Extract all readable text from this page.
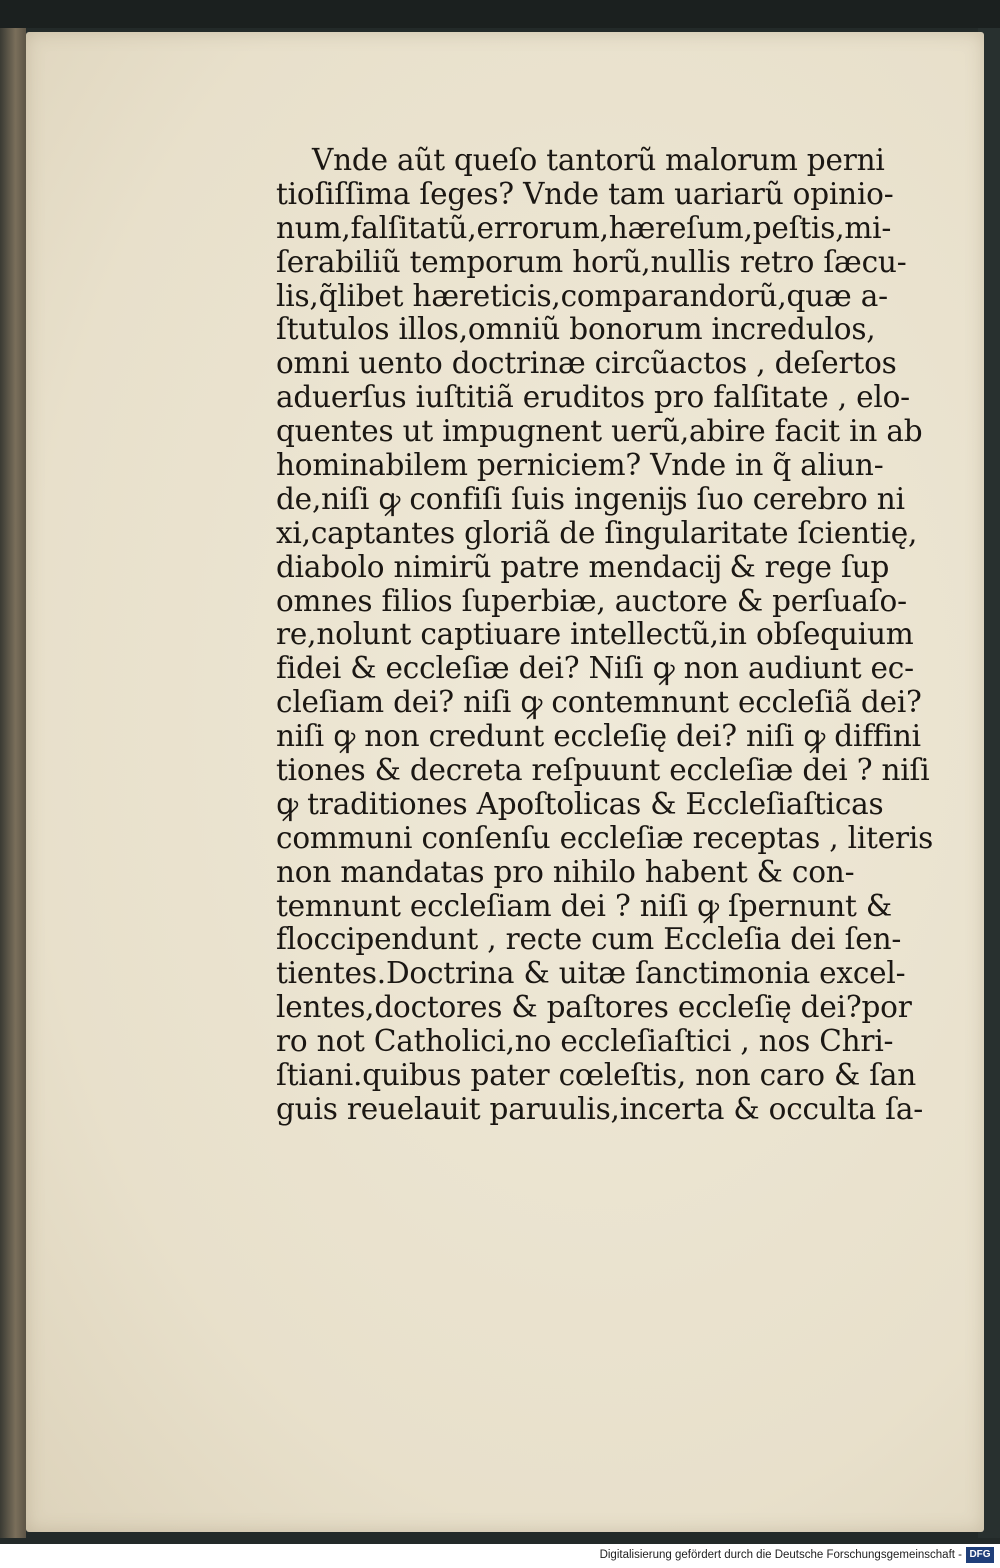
Vnde aũt queſo tantorũ malorum perni
tioſiſſima ſeges? Vnde tam uariarũ opinio-
num,falſitatũ,errorum,hæreſum,peſtis,mi-
ſerabiliũ temporum horũ,nullis retro ſæcu-
lis,q̃libet hæreticis,comparandorũ,quæ a-
ſtutulos illos,omniũ bonorum incredulos,
omni uento doctrinæ circũactos , deſertos
aduerſus iuſtitiã eruditos pro falſitate , elo-
quentes ut impugnent uerũ,abire facit in ab
hominabilem perniciem? Vnde in q̃ aliun-
de,niſi ꝙ confiſi ſuis ingenĳs ſuo cerebro ni
xi,captantes gloriã de ſingularitate ſcientię,
diabolo nimirũ patre mendacĳ & rege ſup
omnes filios ſuperbiæ, auctore & perſuaſo-
re,nolunt captiuare intellectũ,in obſequium
fidei & eccleſiæ dei? Niſi ꝙ non audiunt ec-
cleſiam dei? niſi ꝙ contemnunt eccleſiã dei?
niſi ꝙ non credunt eccleſię dei? niſi ꝙ diffini
tiones & decreta reſpuunt eccleſiæ dei ? niſi
ꝙ traditiones Apoſtolicas & Eccleſiaſticas
communi conſenſu eccleſiæ receptas , literis
non mandatas pro nihilo habent & con-
temnunt eccleſiam dei ? niſi ꝙ ſpernunt &
floccipendunt , recte cum Eccleſia dei ſen-
tientes.Doctrina & uitæ ſanctimonia excel-
lentes,doctores & paſtores eccleſię dei?por
ro not Catholici,no eccleſiaſtici , nos Chri-
ſtiani.quibus pater cœleſtis, non caro & ſan
guis reuelauit paruulis,incerta & occulta ſa-
Digitalisierung gefördert durch die Deutsche Forschungsgemeinschaft - DFG
